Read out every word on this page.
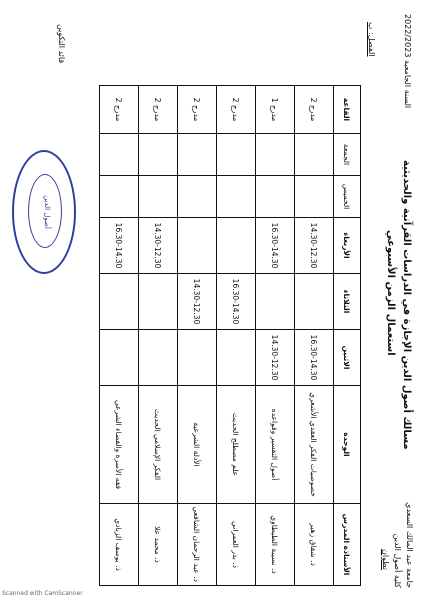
جامعة عبد المالك السعدي
كلية أصول الدين
تطوان
مسالك أصول الدين الإجازة في الدراسات القرآنية والحديثية
استعمال الزمن الأسبوعي
السنة الجامعية 2022/2023
الفصل: ب
الأستاذة المدرس	الوحدة	الاثنين	الثلاثاء	الأربعاء	الخميس	الجمعة	القاعة
ذ. شقاق زهير	خصوصيات الفكر العقدي الأشعري	16.30-14.30		14.30-12.30			مدرج 2
ذ. نسيبة الطيطاوي	أصول التفسير وقواعده	14.30-12.30		16.30-14.30			مدرج 1
ذ. بدر العمراني	علم مصطلح الحديث		16.30-14.30				مدرج 2
ذ. عبد الرحمان الشافعي	الأدلة الشرعية		14.30-12.30				مدرج 2
ذ. محمد علا	الفكر الإسلامي الحديث			14.30-12.30			مدرج 2
ذ. يوسف الزبادي	فقه الأسرة والقضاء الشرعي			16.30-14.30			مدرج 2
قائد التكوين
أصول الدين
Scanned with CamScanner
